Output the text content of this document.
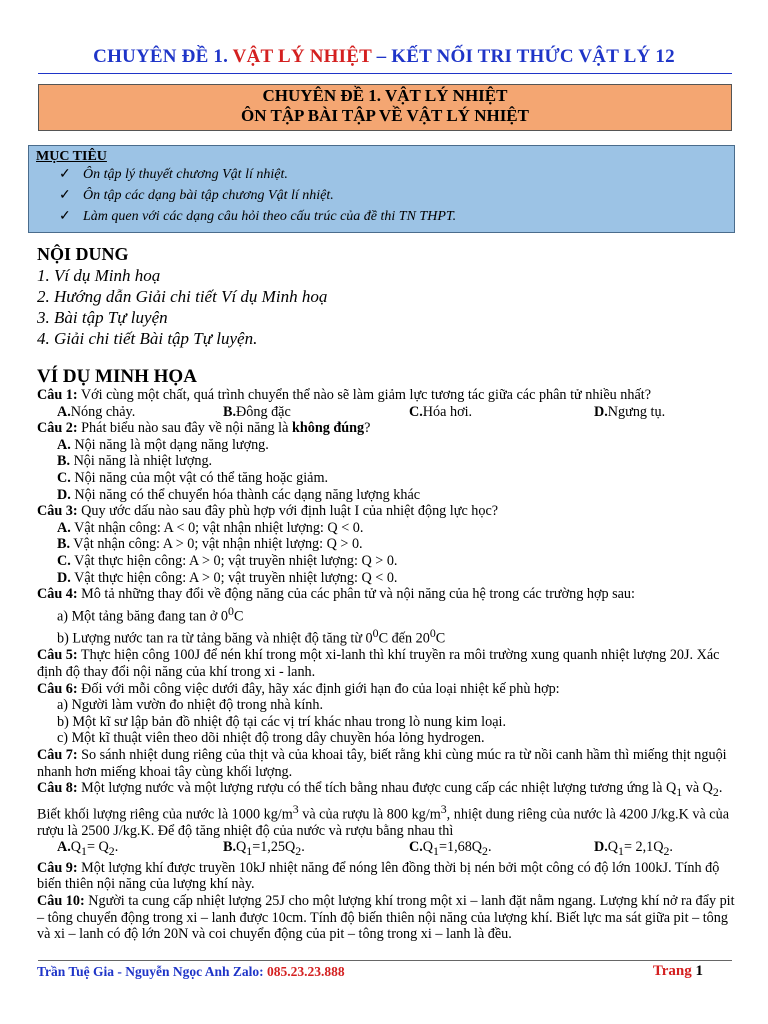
CHUYÊN ĐỀ 1. VẬT LÝ NHIỆT – KẾT NỐI TRI THỨC VẬT LÝ 12
CHUYÊN ĐỀ 1. VẬT LÝ NHIỆT
ÔN TẬP BÀI TẬP VỀ VẬT LÝ NHIỆT
MỤC TIÊU
✓ Ôn tập lý thuyết chương Vật lí nhiệt.
✓ Ôn tập các dạng bài tập chương Vật lí nhiệt.
✓ Làm quen với các dạng câu hỏi theo cấu trúc của đề thi TN THPT.
NỘI DUNG
1. Ví dụ Minh hoạ
2. Hướng dẫn Giải chi tiết Ví dụ Minh hoạ
3. Bài tập Tự luyện
4. Giải chi tiết Bài tập Tự luyện.
VÍ DỤ MINH HỌA
Câu 1: Với cùng một chất, quá trình chuyển thể nào sẽ làm giảm lực tương tác giữa các phân tử nhiều nhất?
A.Nóng chảy.	B.Đông đặc	C.Hóa hơi.	D.Ngưng tụ.
Câu 2: Phát biểu nào sau đây về nội năng là không đúng?
A. Nội năng là một dạng năng lượng.
B. Nội năng là nhiệt lượng.
C. Nội năng của một vật có thể tăng hoặc giảm.
D. Nội năng có thể chuyển hóa thành các dạng năng lượng khác
Câu 3: Quy ước dấu nào sau đây phù hợp với định luật I của nhiệt động lực học?
A. Vật nhận công: A < 0; vật nhận nhiệt lượng: Q < 0.
B. Vật nhận công: A > 0; vật nhận nhiệt lượng: Q > 0.
C. Vật thực hiện công: A > 0; vật truyền nhiệt lượng: Q > 0.
D. Vật thực hiện công: A > 0; vật truyền nhiệt lượng: Q < 0.
Câu 4: Mô tả những thay đổi về động năng của các phân tử và nội năng của hệ trong các trường hợp sau:
a) Một tảng băng đang tan ở $0^0C$
b) Lượng nước tan ra từ tảng băng và nhiệt độ tăng từ $0^0C$ đến $20^0C$
Câu 5: Thực hiện công 100J để nén khí trong một xi-lanh thì khí truyền ra môi trường xung quanh nhiệt lượng 20J. Xác định độ thay đổi nội năng của khí trong xi - lanh.
Câu 6: Đối với mỗi công việc dưới đây, hãy xác định giới hạn đo của loại nhiệt kế phù hợp:
a) Người làm vườn đo nhiệt độ trong nhà kính.
b) Một kĩ sư lập bản đồ nhiệt độ tại các vị trí khác nhau trong lò nung kim loại.
c) Một kĩ thuật viên theo dõi nhiệt độ trong dây chuyền hóa lỏng hydrogen.
Câu 7: So sánh nhiệt dung riêng của thịt và của khoai tây, biết rằng khi cùng múc ra từ nồi canh hầm thì miếng thịt nguội nhanh hơn miếng khoai tây cùng khối lượng.
Câu 8: Một lượng nước và một lượng rượu có thể tích bằng nhau được cung cấp các nhiệt lượng tương ứng là $Q_1$ và $Q_2$. Biết khối lượng riêng của nước là 1000 $kg/m^3$ và của rượu là 800 $kg/m^3$, nhiệt dung riêng của nước là 4200 J/kg.K và của rượu là 2500 J/kg.K. Để độ tăng nhiệt độ của nước và rượu bằng nhau thì
$A.Q_1= Q_2$.	$B.Q_1=1,25Q_2$.	$C.Q_1=1,68Q_2$.	$D.Q_1= 2,1Q_2$.
Câu 9: Một lượng khí được truyền 10kJ nhiệt năng để nóng lên đồng thời bị nén bởi một công có độ lớn 100kJ. Tính độ biến thiên nội năng của lượng khí này.
Câu 10: Người ta cung cấp nhiệt lượng 25J cho một lượng khí trong một xi – lanh đặt nằm ngang. Lượng khí nở ra đẩy pit – tông chuyển động trong xi – lanh được 10cm. Tính độ biến thiên nội năng của lượng khí. Biết lực ma sát giữa pit – tông và xi – lanh có độ lớn 20N và coi chuyển động của pit – tông trong xi – lanh là đều.
Trần Tuệ Gia - Nguyễn Ngọc Anh Zalo: 085.23.23.888	Trang 1
